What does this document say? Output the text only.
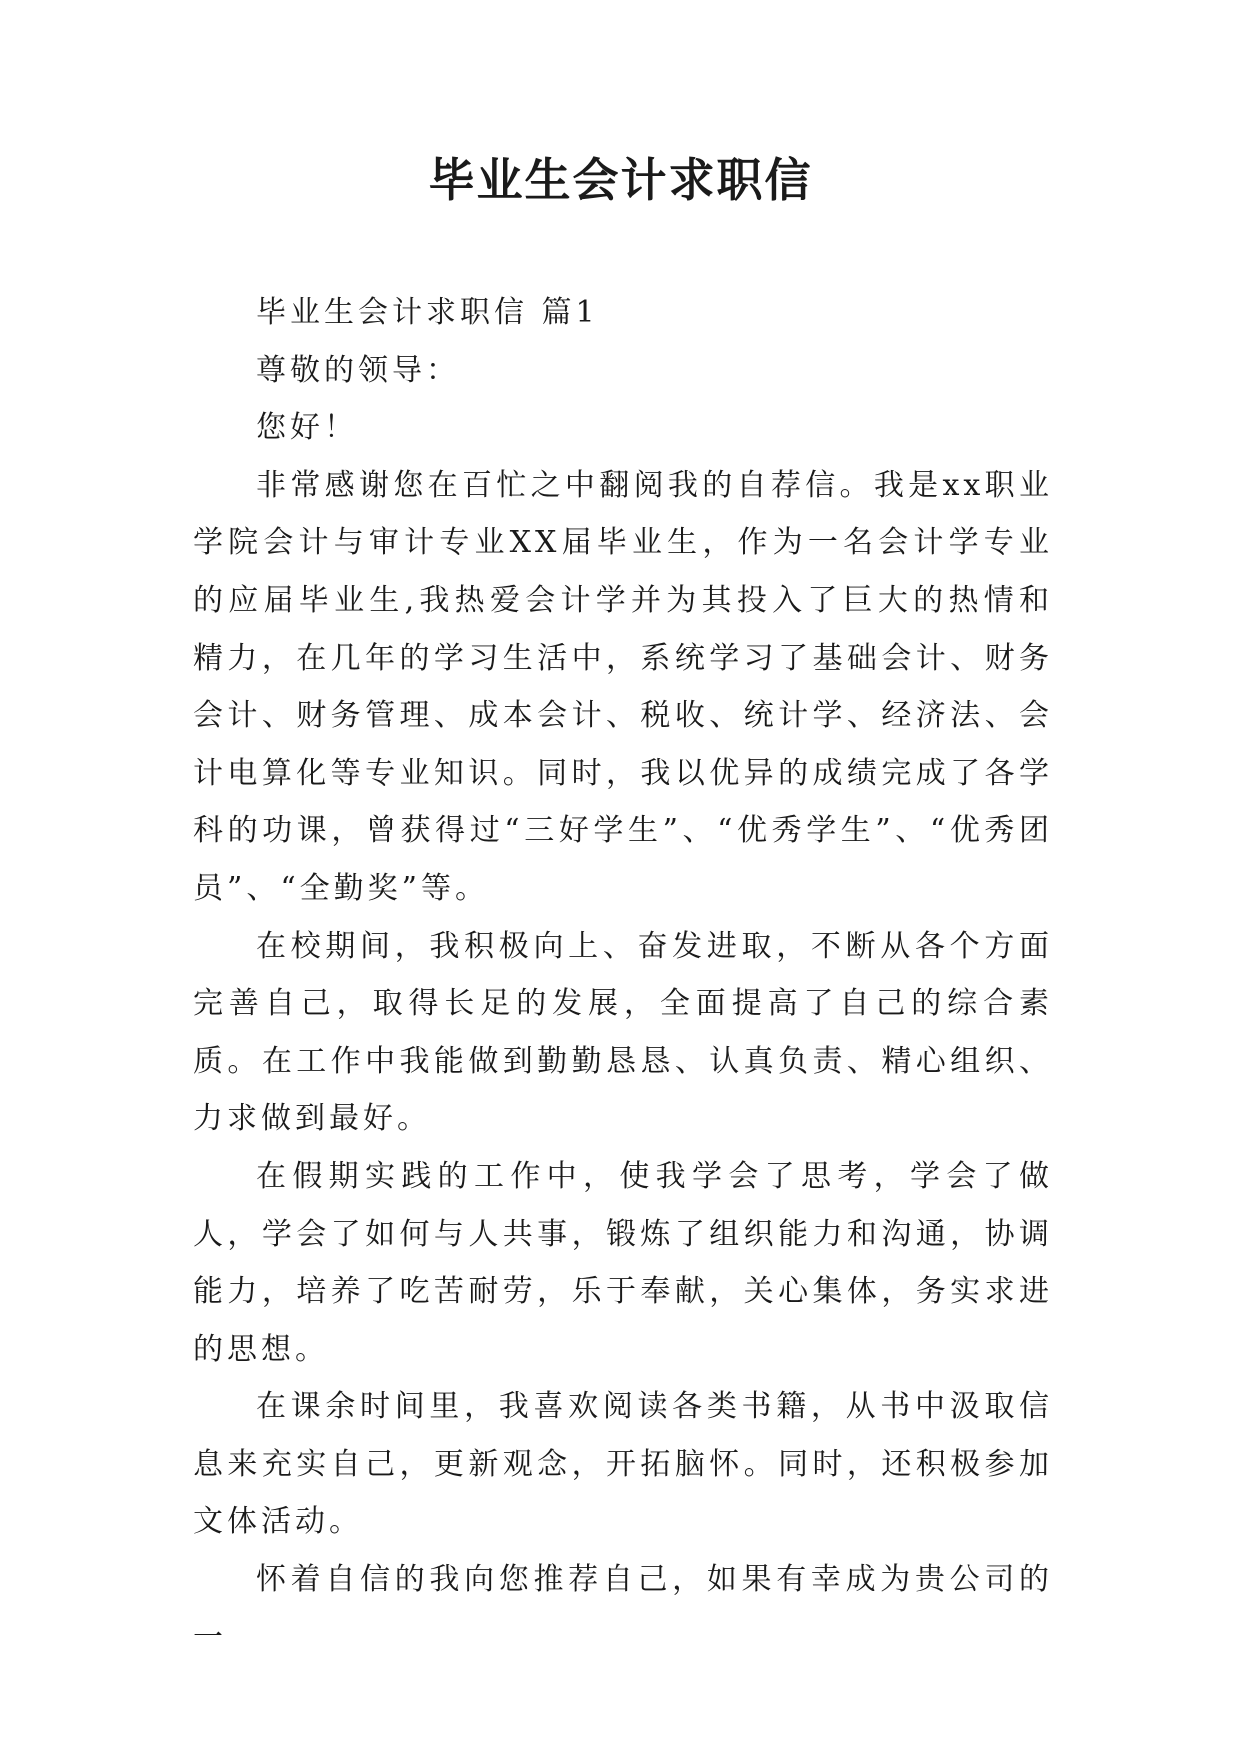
毕业生会计求职信

毕业生会计求职信 篇1

尊敬的领导：

您好！

非常感谢您在百忙之中翻阅我的自荐信。我是xx职业学院会计与审计专业XX届毕业生，作为一名会计学专业的应届毕业生,我热爱会计学并为其投入了巨大的热情和精力，在几年的学习生活中，系统学习了基础会计、财务会计、财务管理、成本会计、税收、统计学、经济法、会计电算化等专业知识。同时，我以优异的成绩完成了各学科的功课，曾获得过“三好学生”、“优秀学生”、“优秀团员”、“全勤奖”等。

在校期间，我积极向上、奋发进取，不断从各个方面完善自己，取得长足的发展，全面提高了自己的综合素质。在工作中我能做到勤勤恳恳、认真负责、精心组织、力求做到最好。

在假期实践的工作中，使我学会了思考，学会了做人，学会了如何与人共事，锻炼了组织能力和沟通，协调能力，培养了吃苦耐劳，乐于奉献，关心集体，务实求进的思想。

在课余时间里，我喜欢阅读各类书籍，从书中汲取信息来充实自己，更新观念，开拓脑怀。同时，还积极参加文体活动。

怀着自信的我向您推荐自己，如果有幸成为贵公司的一
